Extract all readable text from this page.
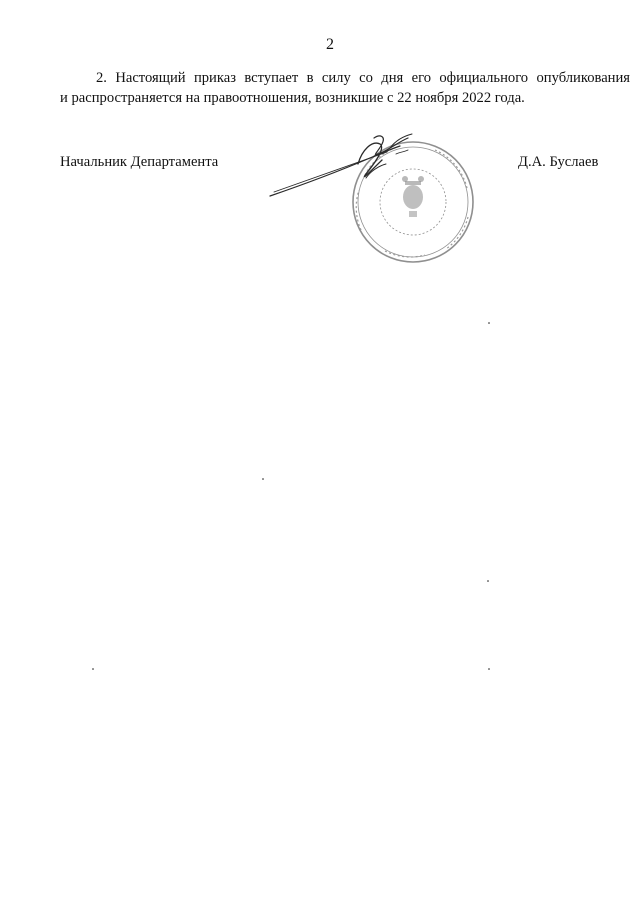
2
2. Настоящий приказ вступает в силу со дня его официального опубликования
и распространяется на правоотношения, возникшие с 22 ноября 2022 года.
Начальник Департамента	Д.А. Буслаев
